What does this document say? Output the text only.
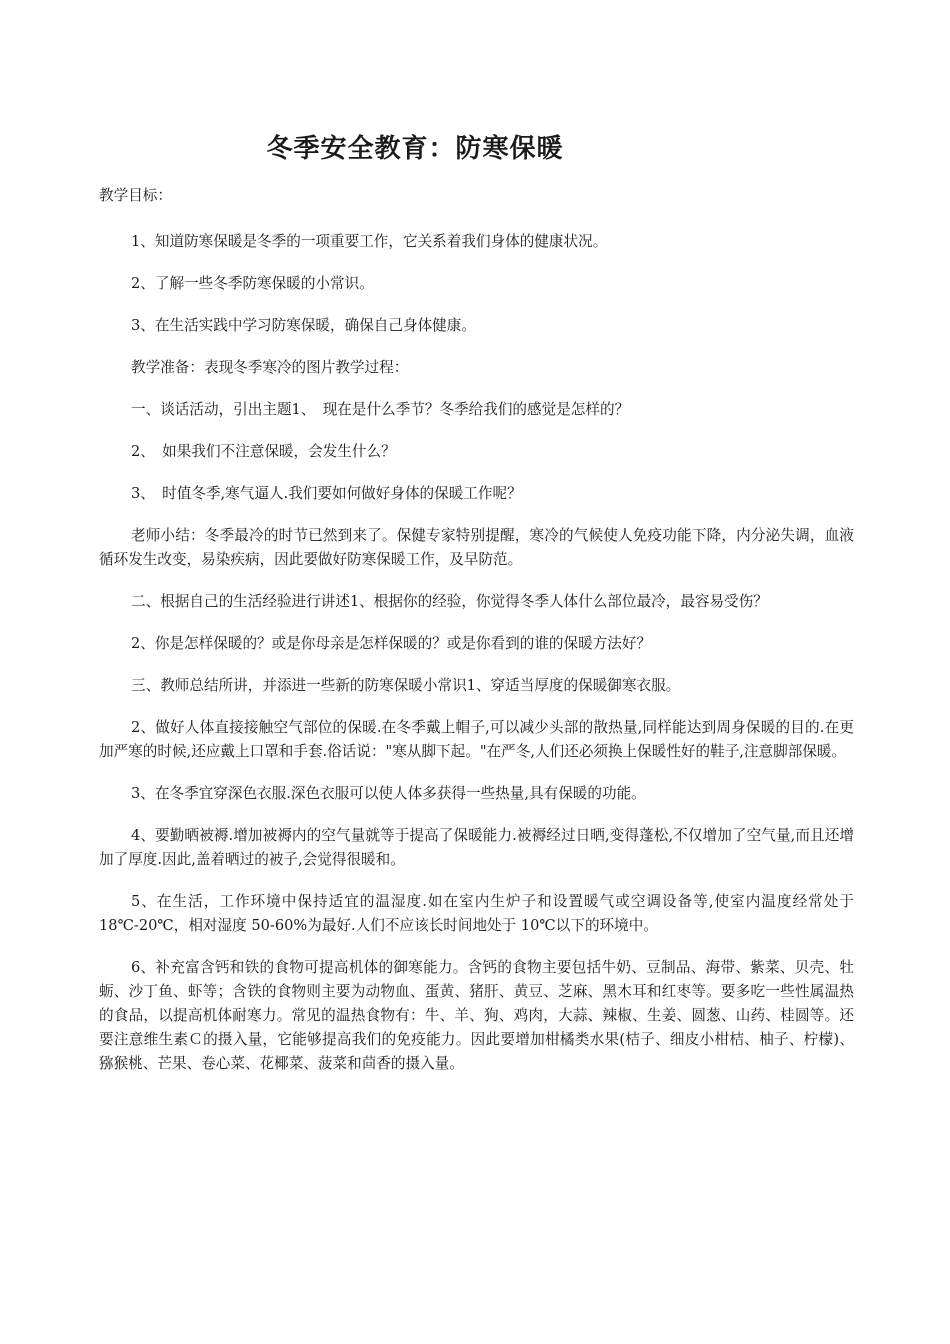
冬季安全教育：防寒保暖

教学目标：

1、知道防寒保暖是冬季的一项重要工作，它关系着我们身体的健康状况。

2、了解一些冬季防寒保暖的小常识。

3、在生活实践中学习防寒保暖，确保自己身体健康。

教学准备：表现冬季寒冷的图片教学过程：

一、谈话活动，引出主题1、　现在是什么季节？冬季给我们的感觉是怎样的？

2、　如果我们不注意保暖，会发生什么？

3、　时值冬季,寒气逼人.我们要如何做好身体的保暖工作呢？

老师小结：冬季最冷的时节已然到来了。保健专家特别提醒，寒冷的气候使人免疫功能下降，内分泌失调，血液循环发生改变，易染疾病，因此要做好防寒保暖工作，及早防范。

二、根据自己的生活经验进行讲述1、根据你的经验，你觉得冬季人体什么部位最冷，最容易受伤？

2、你是怎样保暖的？或是你母亲是怎样保暖的？或是你看到的谁的保暖方法好？

三、教师总结所讲，并添进一些新的防寒保暖小常识1、穿适当厚度的保暖御寒衣服。

2、做好人体直接接触空气部位的保暖.在冬季戴上帽子,可以减少头部的散热量,同样能达到周身保暖的目的.在更加严寒的时候,还应戴上口罩和手套.俗话说："寒从脚下起。"在严冬,人们还必须换上保暖性好的鞋子,注意脚部保暖。

3、在冬季宜穿深色衣服.深色衣服可以使人体多获得一些热量,具有保暖的功能。

4、要勤晒被褥.增加被褥内的空气量就等于提高了保暖能力.被褥经过日晒,变得蓬松,不仅增加了空气量,而且还增加了厚度.因此,盖着晒过的被子,会觉得很暖和。

5、在生活，工作环境中保持适宜的温湿度.如在室内生炉子和设置暖气或空调设备等,使室内温度经常处于 18℃-20℃，相对湿度 50-60%为最好.人们不应该长时间地处于 10℃以下的环境中。

6、补充富含钙和铁的食物可提高机体的御寒能力。含钙的食物主要包括牛奶、豆制品、海带、紫菜、贝壳、牡蛎、沙丁鱼、虾等；含铁的食物则主要为动物血、蛋黄、猪肝、黄豆、芝麻、黑木耳和红枣等。要多吃一些性属温热的食品，以提高机体耐寒力。常见的温热食物有：牛、羊、狗、鸡肉，大蒜、辣椒、生姜、圆葱、山药、桂圆等。还要注意维生素Ｃ的摄入量，它能够提高我们的免疫能力。因此要增加柑橘类水果(桔子、细皮小柑桔、柚子、柠檬)、猕猴桃、芒果、卷心菜、花椰菜、菠菜和茴香的摄入量。
